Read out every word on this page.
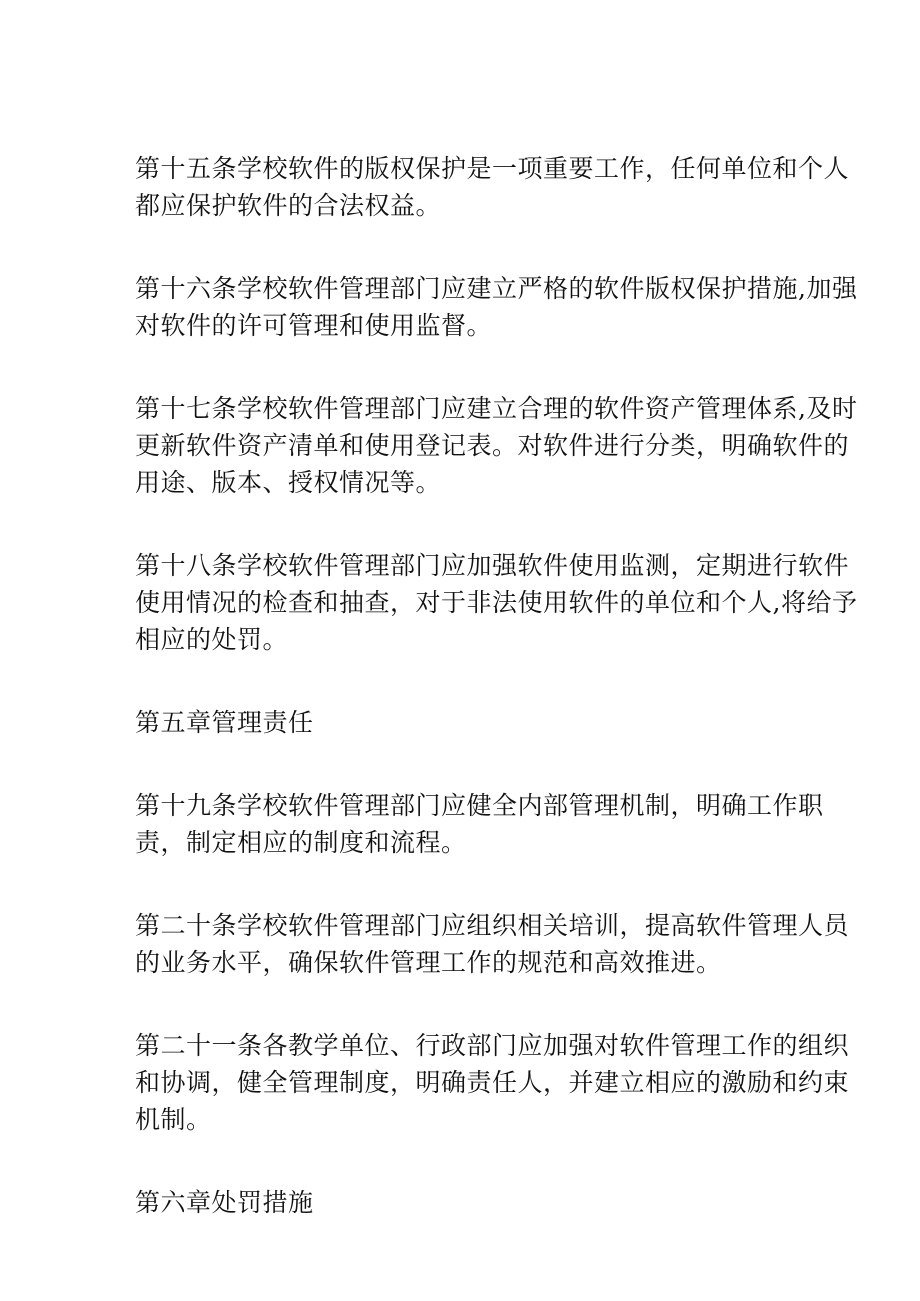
第十五条学校软件的版权保护是一项重要工作，任何单位和个人
都应保护软件的合法权益。

第十六条学校软件管理部门应建立严格的软件版权保护措施,加强
对软件的许可管理和使用监督。

第十七条学校软件管理部门应建立合理的软件资产管理体系,及时
更新软件资产清单和使用登记表。对软件进行分类，明确软件的
用途、版本、授权情况等。

第十八条学校软件管理部门应加强软件使用监测，定期进行软件
使用情况的检查和抽查，对于非法使用软件的单位和个人,将给予
相应的处罚。

第五章管理责任

第十九条学校软件管理部门应健全内部管理机制，明确工作职
责，制定相应的制度和流程。

第二十条学校软件管理部门应组织相关培训，提高软件管理人员
的业务水平，确保软件管理工作的规范和高效推进。

第二十一条各教学单位、行政部门应加强对软件管理工作的组织
和协调，健全管理制度，明确责任人，并建立相应的激励和约束
机制。

第六章处罚措施
